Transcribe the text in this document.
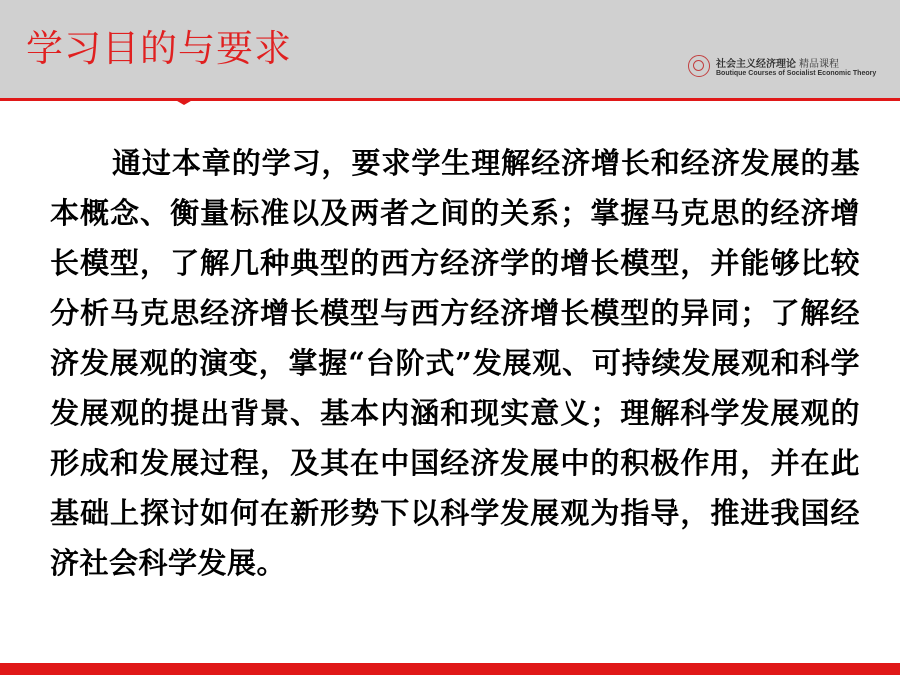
学习目的与要求	社会主义经济理论 精品课程
Boutique Courses of Socialist Economic Theory

通过本章的学习，要求学生理解经济增长和经济发展的基本概念、衡量标准以及两者之间的关系；掌握马克思的经济增长模型，了解几种典型的西方经济学的增长模型，并能够比较分析马克思经济增长模型与西方经济增长模型的异同；了解经济发展观的演变，掌握“台阶式”发展观、可持续发展观和科学发展观的提出背景、基本内涵和现实意义；理解科学发展观的形成和发展过程，及其在中国经济发展中的积极作用，并在此基础上探讨如何在新形势下以科学发展观为指导，推进我国经济社会科学发展。
